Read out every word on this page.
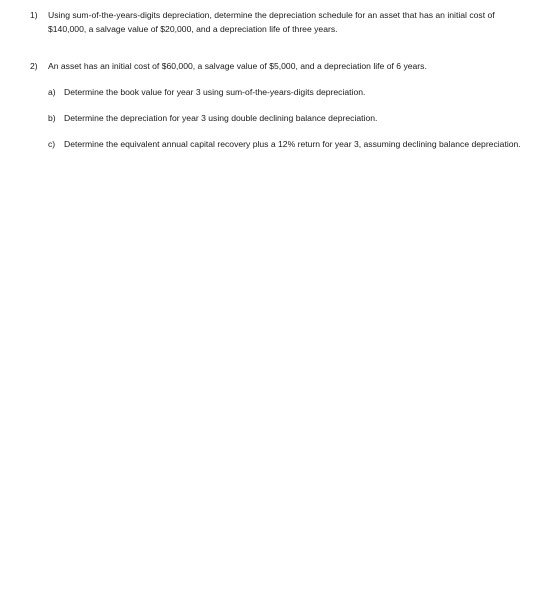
1) Using sum-of-the-years-digits depreciation, determine the depreciation schedule for an asset that has an initial cost of $140,000, a salvage value of $20,000, and a depreciation life of three years.
2) An asset has an initial cost of $60,000, a salvage value of $5,000, and a depreciation life of 6 years.
a) Determine the book value for year 3 using sum-of-the-years-digits depreciation.
b) Determine the depreciation for year 3 using double declining balance depreciation.
c)	Determine the equivalent annual capital recovery plus a 12% return for year 3, assuming declining balance depreciation.
